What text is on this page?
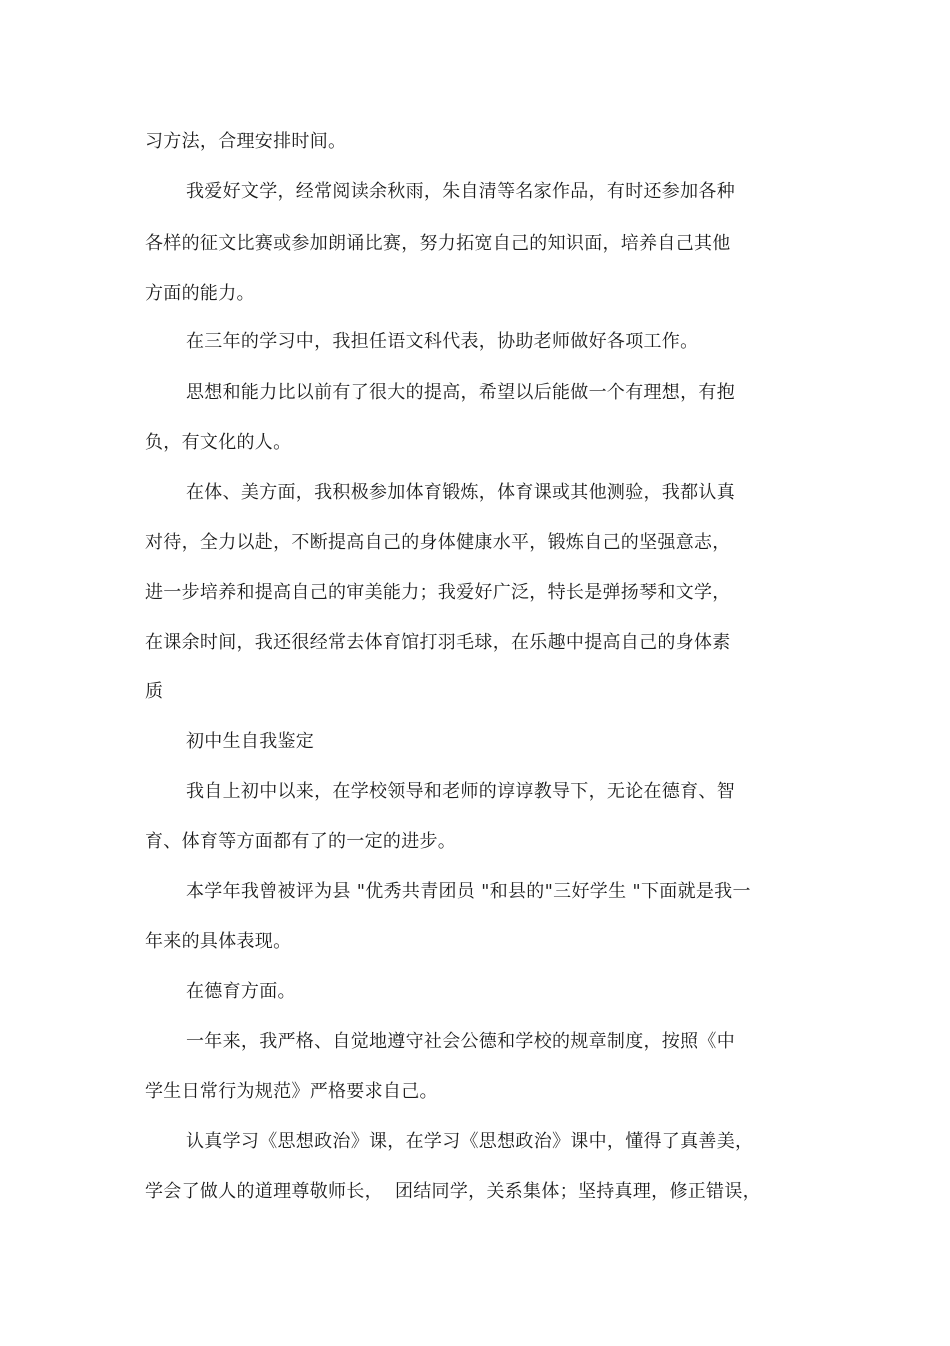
习方法，合理安排时间。
我爱好文学，经常阅读余秋雨，朱自清等名家作品，有时还参加各种
各样的征文比赛或参加朗诵比赛，努力拓宽自己的知识面，培养自己其他
方面的能力。
在三年的学习中，我担任语文科代表，协助老师做好各项工作。
思想和能力比以前有了很大的提高，希望以后能做一个有理想，有抱
负，有文化的人。
在体、美方面，我积极参加体育锻炼，体育课或其他测验，我都认真
对待，全力以赴，不断提高自己的身体健康水平，锻炼自己的坚强意志，
进一步培养和提高自己的审美能力；我爱好广泛，特长是弹扬琴和文学，
在课余时间，我还很经常去体育馆打羽毛球，在乐趣中提高自己的身体素
质
初中生自我鉴定
我自上初中以来，在学校领导和老师的谆谆教导下，无论在德育、智
育、体育等方面都有了的一定的进步。
本学年我曾被评为县 "优秀共青团员 "和县的"三好学生 "下面就是我一
年来的具体表现。
在德育方面。
一年来，我严格、自觉地遵守社会公德和学校的规章制度，按照《中
学生日常行为规范》严格要求自己。
认真学习《思想政治》课，在学习《思想政治》课中，懂得了真善美，
学会了做人的道理尊敬师长，  团结同学，关系集体；坚持真理，修正错误，
